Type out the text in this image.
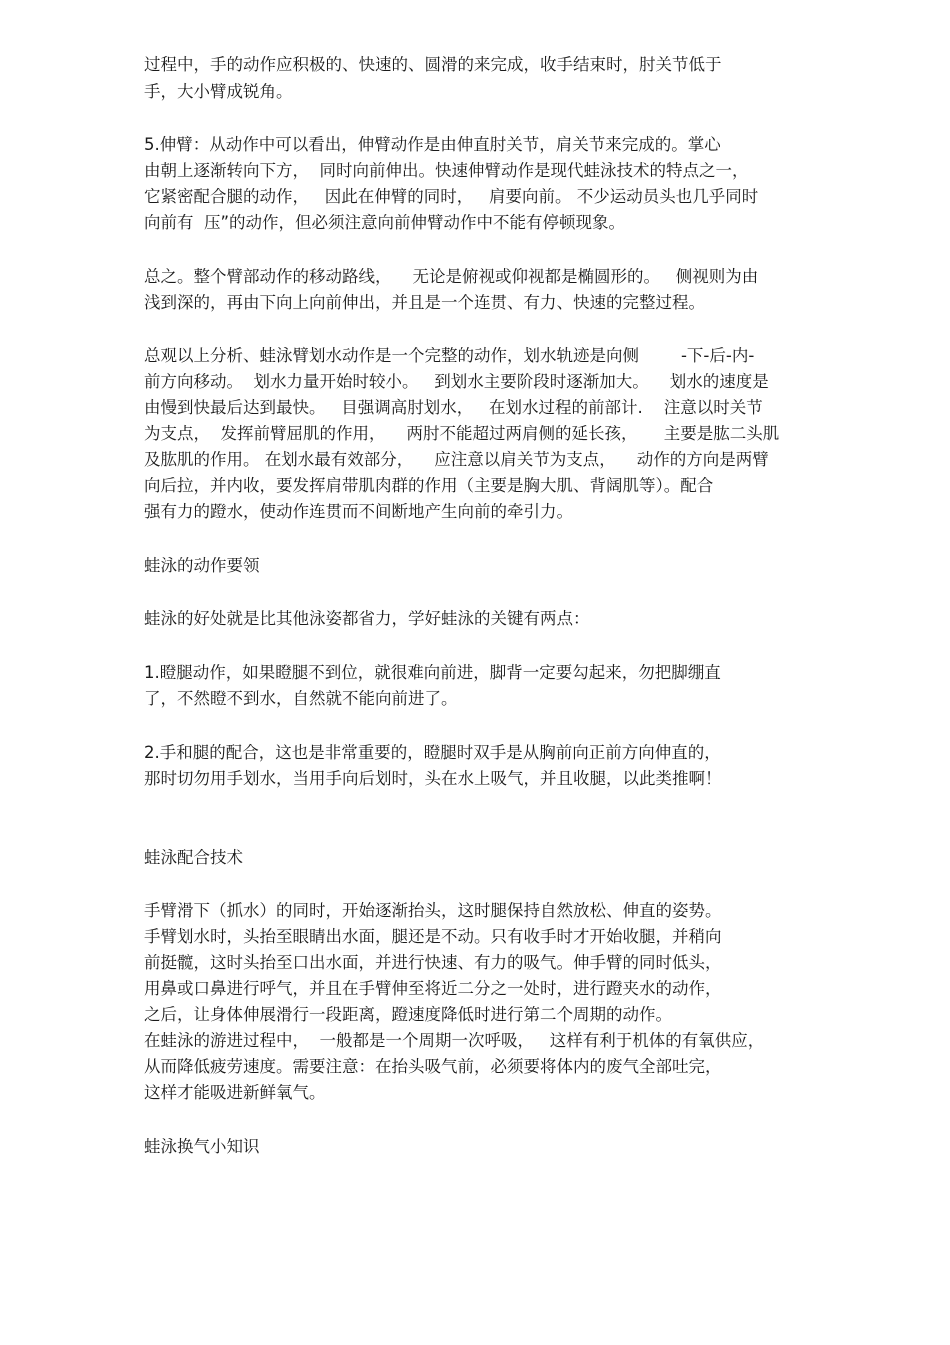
过程中，手的动作应积极的、快速的、圆滑的来完成，收手结束时，肘关节低于
手，大小臂成锐角。
5.伸臂：从动作中可以看出，伸臂动作是由伸直肘关节，肩关节来完成的。掌心
由朝上逐渐转向下方，  同时向前伸出。快速伸臂动作是现代蛙泳技术的特点之一，
它紧密配合腿的动作，   因此在伸臂的同时，   肩要向前。 不少运动员头也几乎同时
向前有  压”的动作，但必须注意向前伸臂动作中不能有停顿现象。
总之。整个臂部动作的移动路线，    无论是俯视或仰视都是椭圆形的。   侧视则为由
浅到深的，再由下向上向前伸出，并且是一个连贯、有力、快速的完整过程。
总观以上分析、蛙泳臂划水动作是一个完整的动作，划水轨迹是向侧        -下-后-内-
前方向移动。  划水力量开始时较小。   到划水主要阶段时逐渐加大。    划水的速度是
由慢到快最后达到最快。   目强调高肘划水，   在划水过程的前部计.    注意以时关节
为支点，  发挥前臂屈肌的作用，    两肘不能超过两肩侧的延长孩，     主要是肱二头肌
及肱肌的作用。 在划水最有效部分，    应注意以肩关节为支点，    动作的方向是两臂
向后拉，并内收，要发挥肩带肌肉群的作用（主要是胸大肌、背阔肌等）。配合
强有力的蹬水，使动作连贯而不间断地产生向前的牵引力。
蛙泳的动作要领
蛙泳的好处就是比其他泳姿都省力，学好蛙泳的关键有两点：
1.瞪腿动作，如果瞪腿不到位，就很难向前进，脚背一定要勾起来，勿把脚绷直
了，不然瞪不到水，自然就不能向前进了。
2.手和腿的配合，这也是非常重要的，瞪腿时双手是从胸前向正前方向伸直的，
那时切勿用手划水，当用手向后划时，头在水上吸气，并且收腿，以此类推啊！
蛙泳配合技术
手臂滑下（抓水）的同时，开始逐渐抬头，这时腿保持自然放松、伸直的姿势。
手臂划水时，头抬至眼睛出水面，腿还是不动。只有收手时才开始收腿，并稍向
前挺髋，这时头抬至口出水面，并进行快速、有力的吸气。伸手臂的同时低头，
用鼻或口鼻进行呼气，并且在手臂伸至将近二分之一处时，进行蹬夹水的动作，
之后，让身体伸展滑行一段距离，蹬速度降低时进行第二个周期的动作。
在蛙泳的游进过程中，  一般都是一个周期一次呼吸，   这样有利于机体的有氧供应，
从而降低疲劳速度。需要注意：在抬头吸气前，必须要将体内的废气全部吐完，
这样才能吸进新鲜氧气。
蛙泳换气小知识
